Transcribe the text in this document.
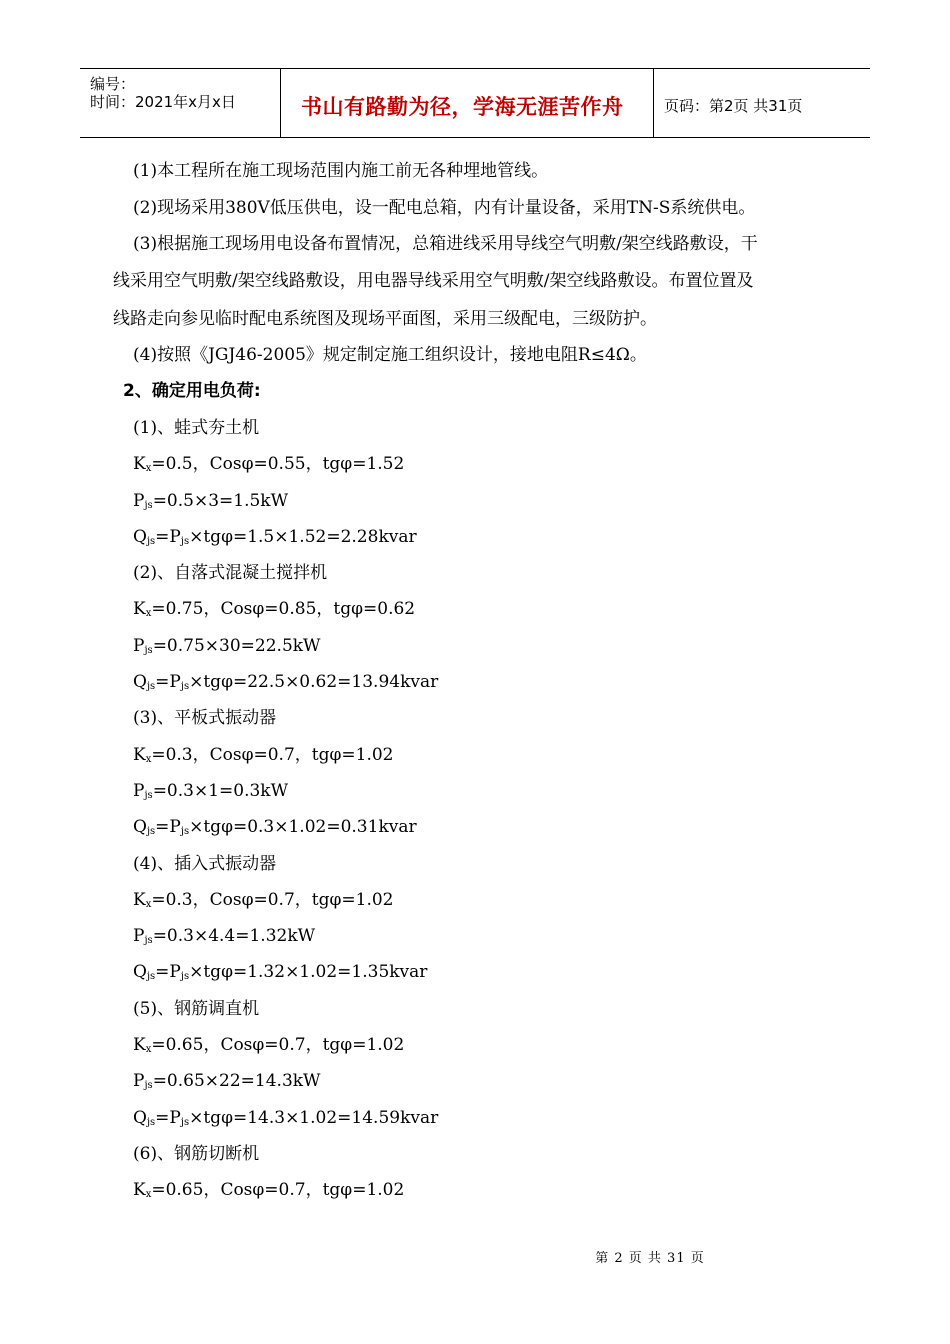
编号：
时间：2021年x月x日	书山有路勤为径，学海无涯苦作舟	页码：第2页 共31页
(1)本工程所在施工现场范围内施工前无各种埋地管线。
(2)现场采用380V低压供电，设一配电总箱，内有计量设备，采用TN-S系统供电。
(3)根据施工现场用电设备布置情况，总箱进线采用导线空气明敷/架空线路敷设，干
线采用空气明敷/架空线路敷设，用电器导线采用空气明敷/架空线路敷设。布置位置及
线路走向参见临时配电系统图及现场平面图，采用三级配电，三级防护。
(4)按照《JGJ46-2005》规定制定施工组织设计，接地电阻R≤4Ω。
2、确定用电负荷:
(1)、蛙式夯土机
$K_x=0.5$，Cosφ=0.55，tgφ=1.52
$P_{js}=0.5\times 3=1.5kW$
$Q_{js}=P_{js}\times tg\varphi=1.5\times 1.52=2.28kvar$
(2)、自落式混凝土搅拌机
$K_x=0.75$，Cosφ=0.85，tgφ=0.62
$P_{js}=0.75\times 30=22.5kW$
$Q_{js}=P_{js}\times tg\varphi=22.5\times 0.62=13.94kvar$
(3)、平板式振动器
$K_x=0.3$，Cosφ=0.7，tgφ=1.02
$P_{js}=0.3\times 1=0.3kW$
$Q_{js}=P_{js}\times tg\varphi=0.3\times 1.02=0.31kvar$
(4)、插入式振动器
$K_x=0.3$，Cosφ=0.7，tgφ=1.02
$P_{js}=0.3\times 4.4=1.32kW$
$Q_{js}=P_{js}\times tg\varphi=1.32\times 1.02=1.35kvar$
(5)、钢筋调直机
$K_x=0.65$，Cosφ=0.7，tgφ=1.02
$P_{js}=0.65\times 22=14.3kW$
$Q_{js}=P_{js}\times tg\varphi=14.3\times 1.02=14.59kvar$
(6)、钢筋切断机
$K_x=0.65$，Cosφ=0.7，tgφ=1.02
第 2 页 共 31 页
